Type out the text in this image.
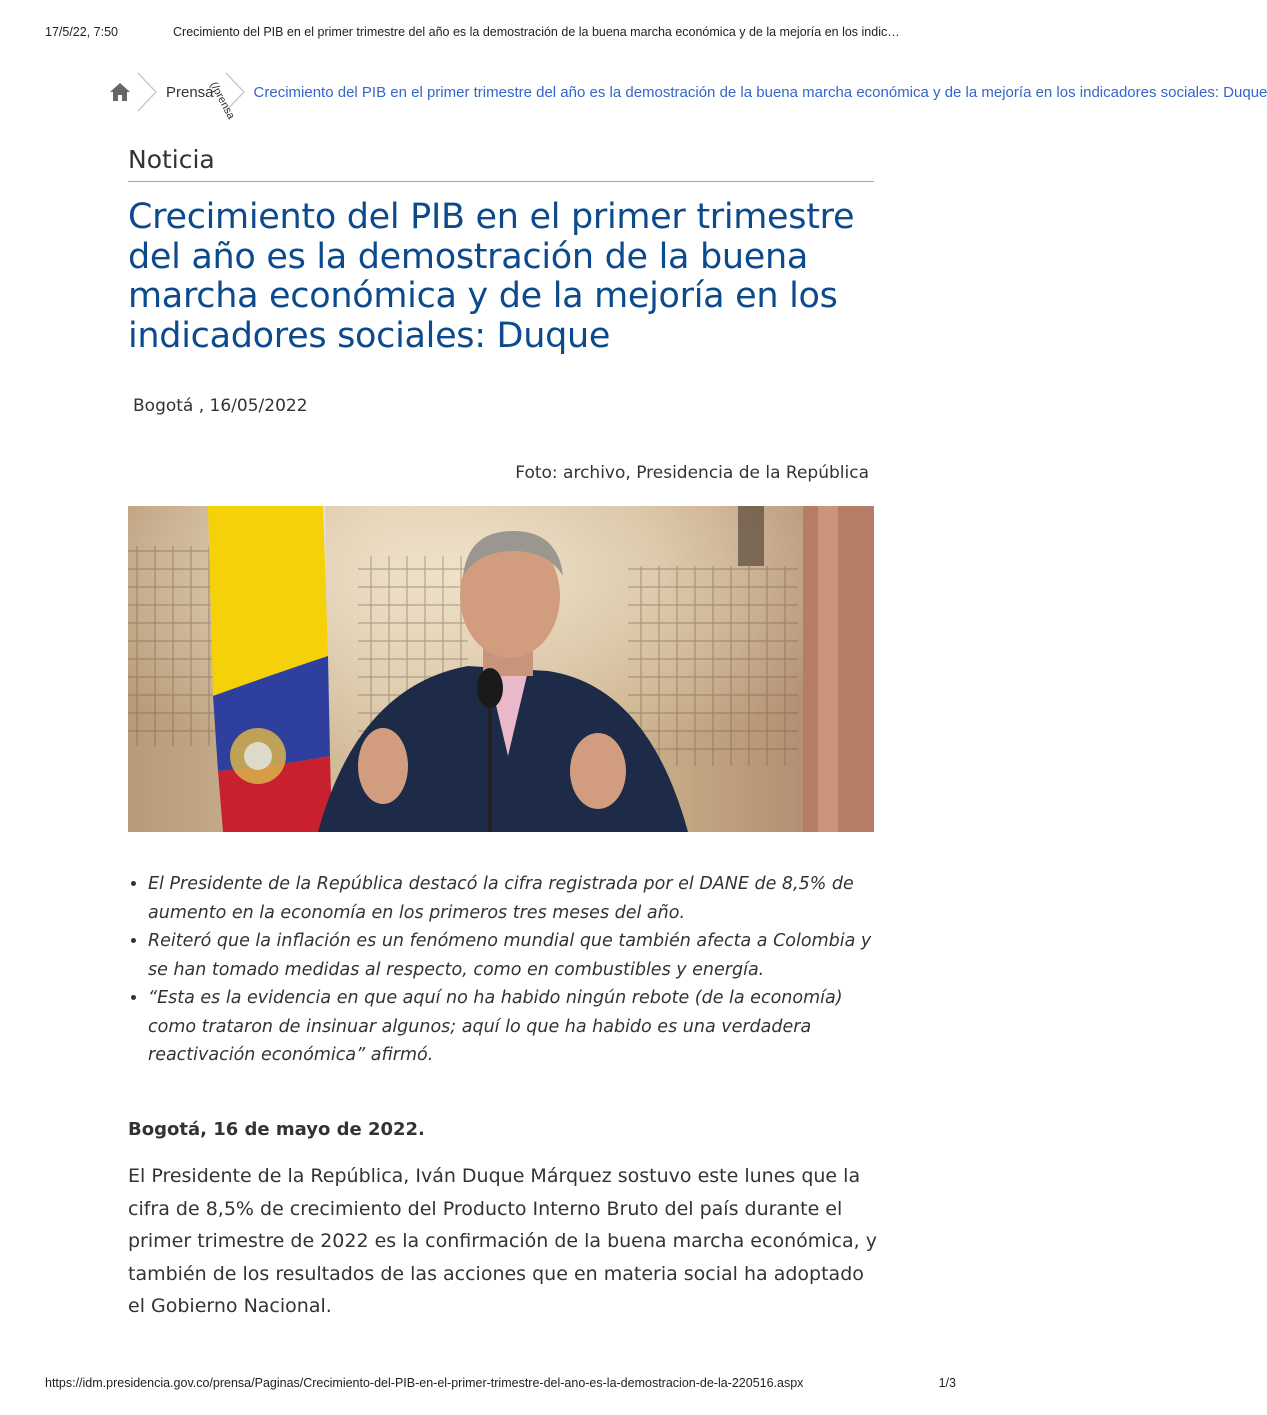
17/5/22, 7:50	Crecimiento del PIB en el primer trimestre del año es la demostración de la buena marcha económica y de la mejoría en los indic…
Prensa
(/prensa Crecimiento del PIB en el primer trimestre del año es la demostración de la buena marcha económica y de la mejoría en los indicadores sociales: Duque
Noticia
Crecimiento del PIB en el primer trimestre del año es la demostración de la buena marcha económica y de la mejoría en los indicadores sociales: Duque
Bogotá , 16/05/2022
Foto: archivo, Presidencia de la República
• El Presidente de la República destacó la cifra registrada por el DANE de 8,5% de aumento en la economía en los primeros tres meses del año.
• Reiteró que la inflación es un fenómeno mundial que también afecta a Colombia y se han tomado medidas al respecto, como en combustibles y energía.
• “Esta es la evidencia en que aquí no ha habido ningún rebote (de la economía) como trataron de insinuar algunos; aquí lo que ha habido es una verdadera reactivación económica” afirmó.
Bogotá, 16 de mayo de 2022.

El Presidente de la República, Iván Duque Márquez sostuvo este lunes que la cifra de 8,5% de crecimiento del Producto Interno Bruto del país durante el primer trimestre de 2022 es la confirmación de la buena marcha económica, y también de los resultados de las acciones que en materia social ha adoptado el Gobierno Nacional.

https://idm.presidencia.gov.co/prensa/Paginas/Crecimiento-del-PIB-en-el-primer-trimestre-del-ano-es-la-demostracion-de-la-220516.aspx	1/3
